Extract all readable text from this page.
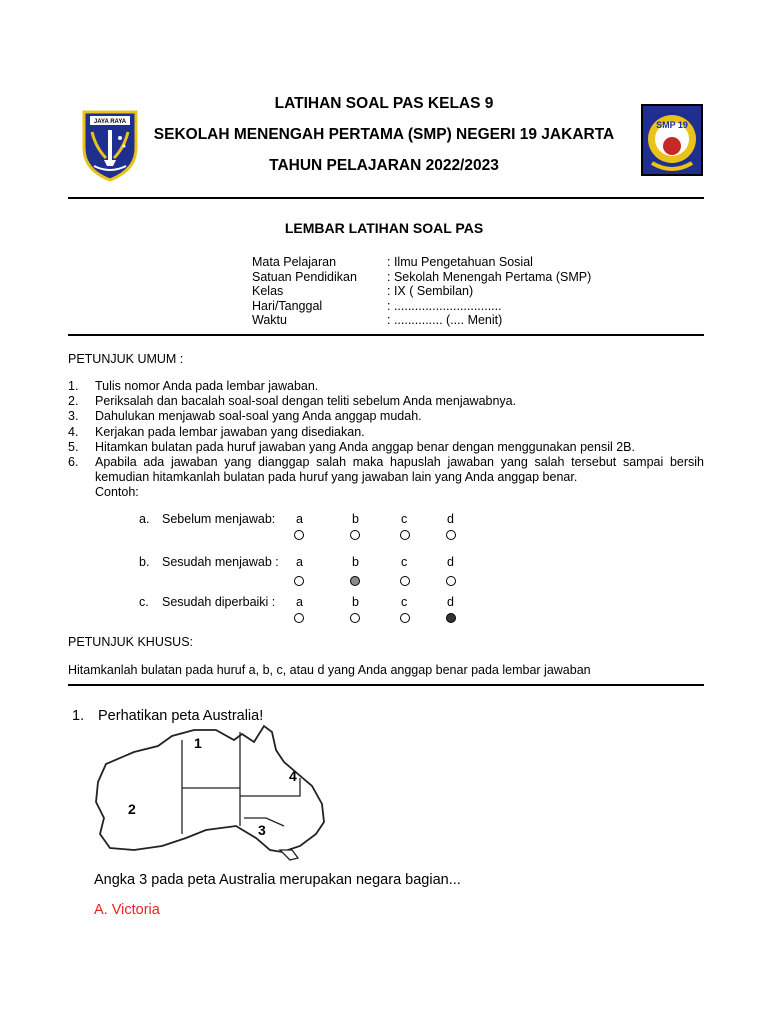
JAYA RAYA
LATIHAN SOAL PAS KELAS 9
SEKOLAH MENENGAH PERTAMA (SMP) NEGERI 19 JAKARTA
TAHUN PELAJARAN 2022/2023
SMP 19
LEMBAR LATIHAN SOAL PAS
Mata Pelajaran	: Ilmu Pengetahuan Sosial
Satuan Pendidikan	: Sekolah Menengah Pertama (SMP)
Kelas	: IX ( Sembilan)
Hari/Tanggal	: ...............................
Waktu	: .............. (.... Menit)
PETUNJUK UMUM :
1.	Tulis nomor Anda pada lembar jawaban.
2.	Periksalah dan bacalah soal-soal dengan teliti sebelum Anda menjawabnya.
3.	Dahulukan menjawab soal-soal yang Anda anggap mudah.
4.	Kerjakan pada lembar jawaban yang disediakan.
5.	Hitamkan bulatan pada huruf jawaban yang Anda anggap benar dengan menggunakan pensil 2B.
6.	Apabila ada jawaban yang dianggap salah maka hapuslah jawaban yang salah tersebut sampai bersih kemudian hitamkanlah bulatan pada huruf yang jawaban lain yang Anda anggap benar.
Contoh:
a. Sebelum menjawab: a	b	c	d
b. Sesudah menjawab : a	b	c	d
c. Sesudah diperbaiki : a	b	c	d
PETUNJUK KHUSUS:
Hitamkanlah bulatan pada huruf a, b, c, atau d yang Anda anggap benar pada lembar jawaban
1. Perhatikan peta Australia!
1
2
3
4
Angka 3 pada peta Australia merupakan negara bagian...
A. Victoria
